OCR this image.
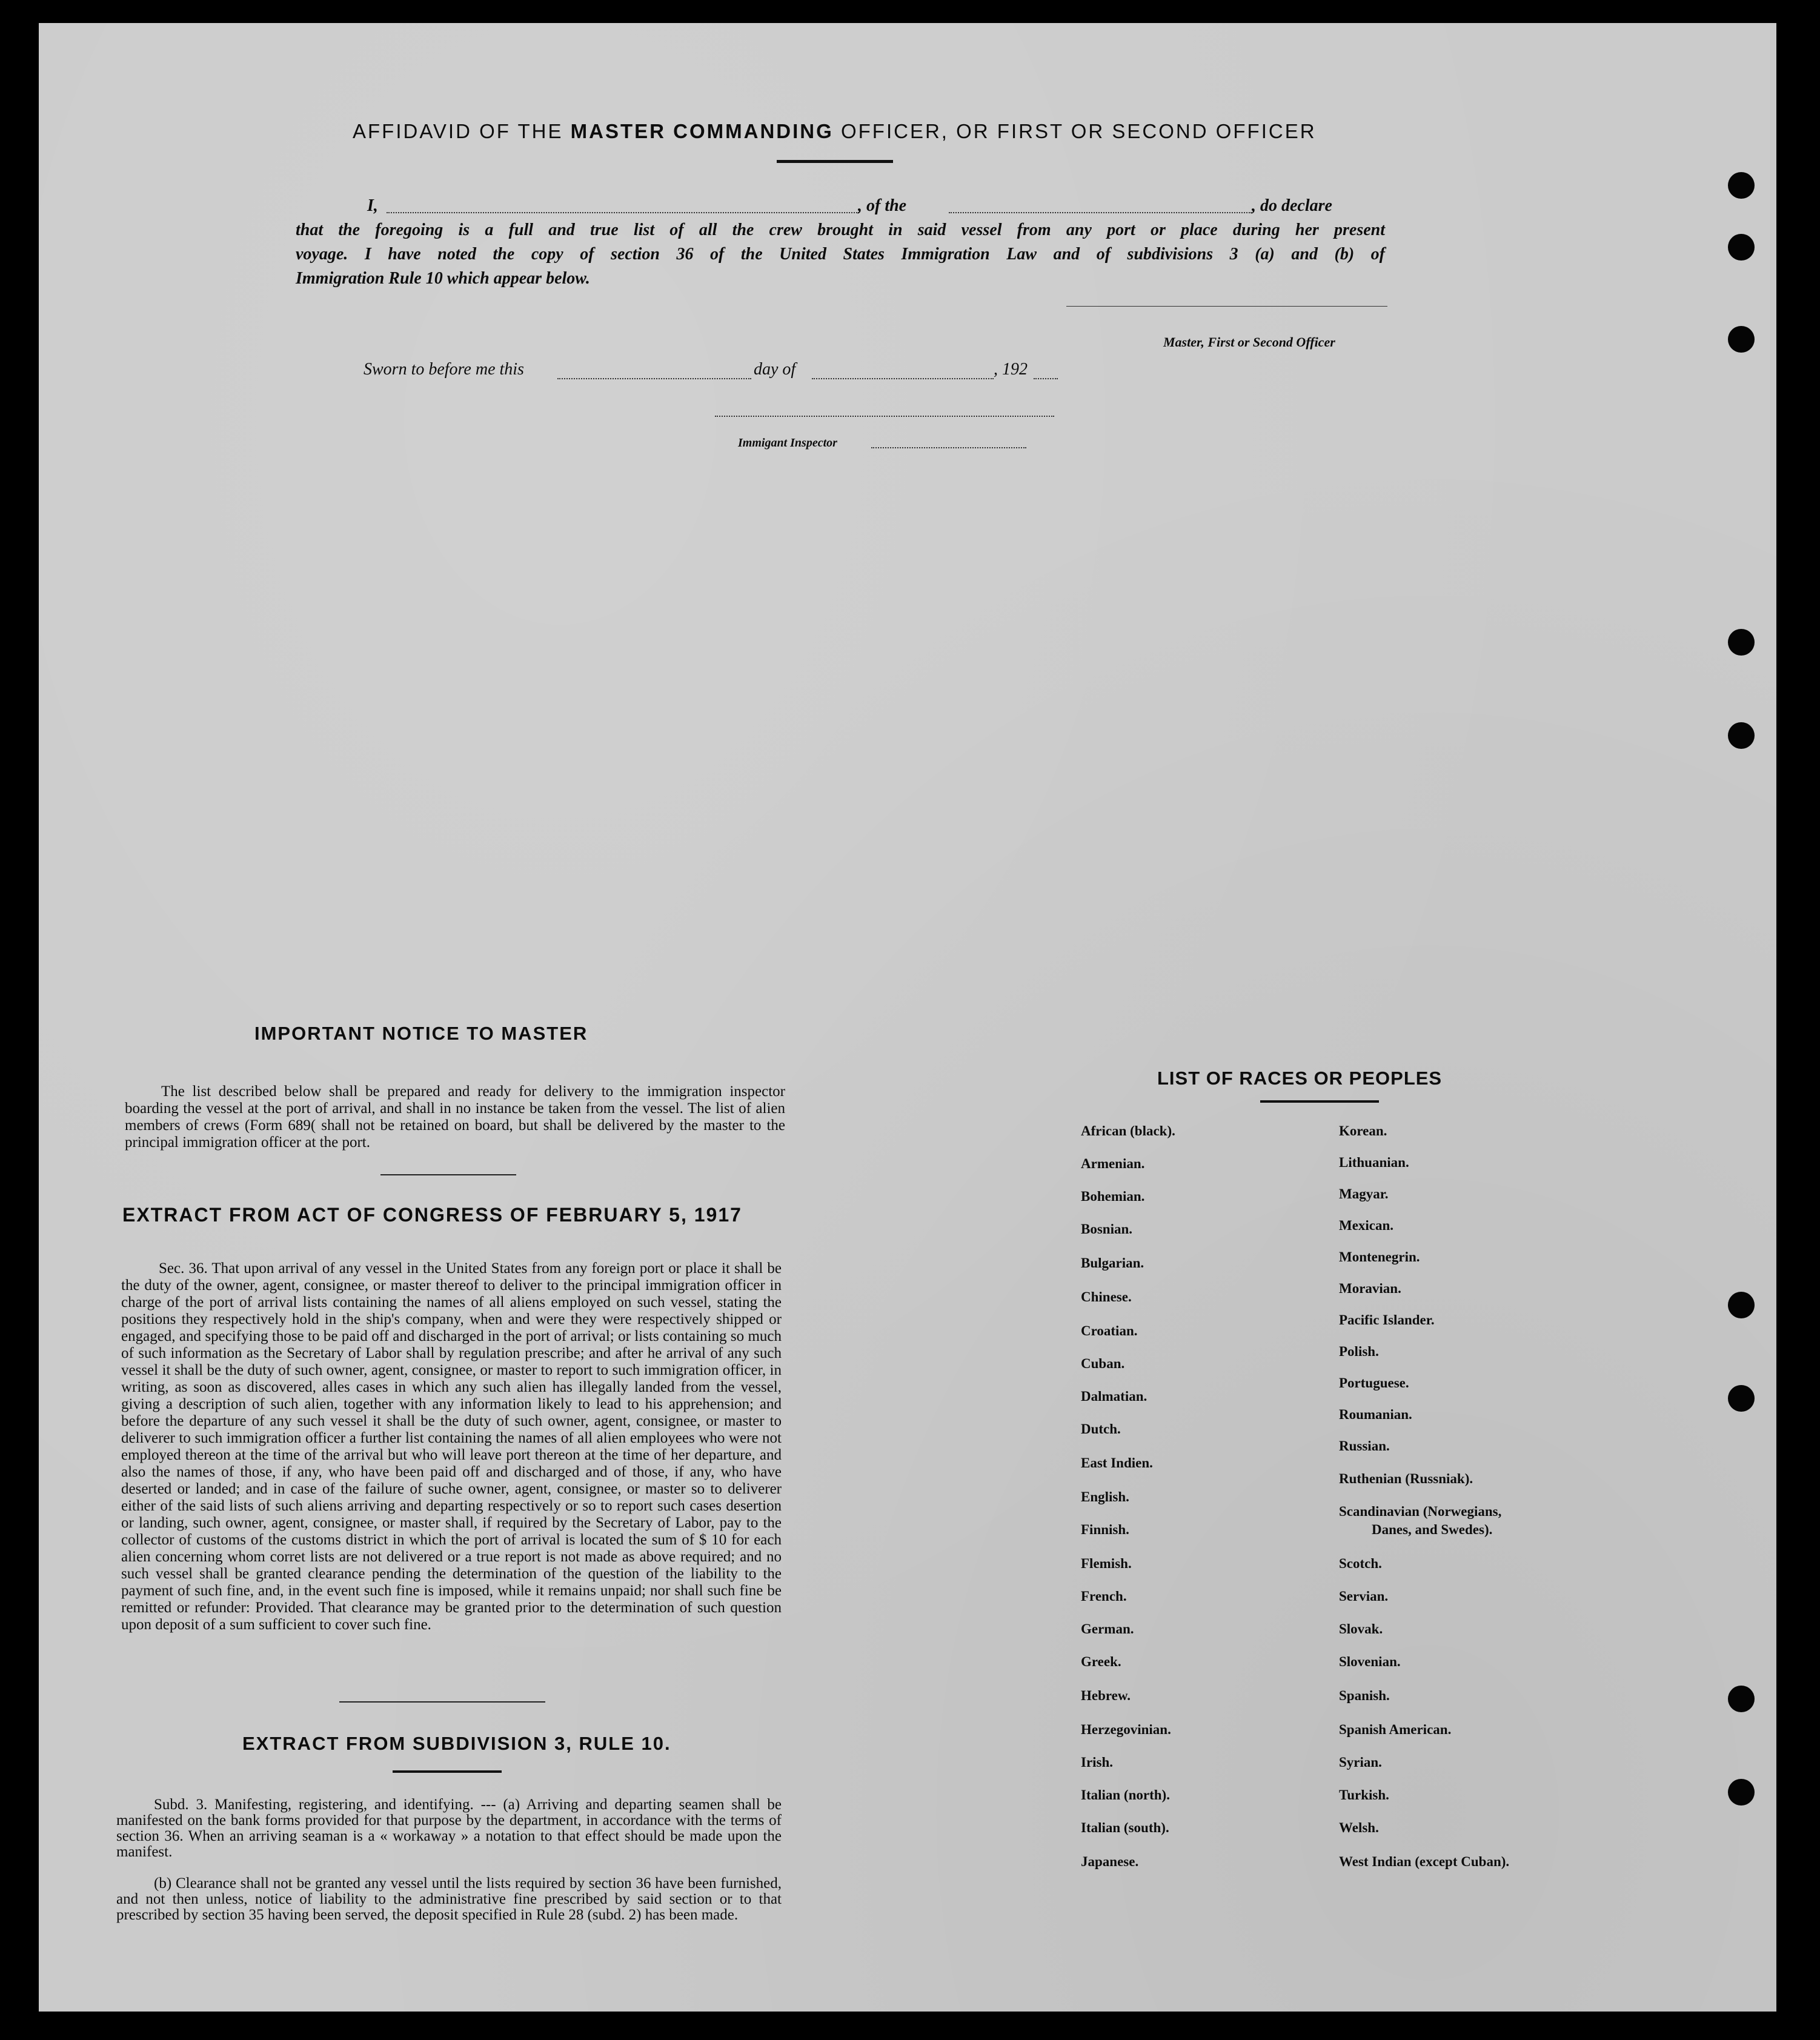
AFFIDAVID OF THE MASTER COMMANDING OFFICER, OR FIRST OR SECOND OFFICER
I,	, of the	, do declare
that the foregoing is a full and true list of all the crew brought in said vessel from any port or place during her present
voyage. I have noted the copy of section 36 of the United States Immigration Law and of subdivisions 3 (a) and (b) of
Immigration Rule 10 which appear below.
Master, First or Second Officer
Sworn to before me this	day of	, 192
Immigant Inspector
IMPORTANT NOTICE TO MASTER
The list described below shall be prepared and ready for delivery to the immigration inspector boarding the vessel at the port of arrival, and shall in no instance be taken from the vessel. The list of alien members of crews (Form 689( shall not be retained on board, but shall be delivered by the master to the principal immigration officer at the port.
EXTRACT FROM ACT OF CONGRESS OF FEBRUARY 5, 1917
Sec. 36. That upon arrival of any vessel in the United States from any foreign port or place it shall be the duty of the owner, agent, consignee, or master thereof to deliver to the principal immigration officer in charge of the port of arrival lists containing the names of all aliens employed on such vessel, stating the positions they respectively hold in the ship's company, when and were they were respectively shipped or engaged, and specifying those to be paid off and discharged in the port of arrival; or lists containing so much of such information as the Secretary of Labor shall by regulation prescribe; and after he arrival of any such vessel it shall be the duty of such owner, agent, consignee, or master to report to such immigration officer, in writing, as soon as discovered, alles cases in which any such alien has illegally landed from the vessel, giving a description of such alien, together with any information likely to lead to his apprehension; and before the departure of any such vessel it shall be the duty of such owner, agent, consignee, or master to deliverer to such immigration officer a further list containing the names of all alien employees who were not employed thereon at the time of the arrival but who will leave port thereon at the time of her departure, and also the names of those, if any, who have been paid off and discharged and of those, if any, who have deserted or landed; and in case of the failure of suche owner, agent, consignee, or master so to deliverer either of the said lists of such aliens arriving and departing respectively or so to report such cases desertion or landing, such owner, agent, consignee, or master shall, if required by the Secretary of Labor, pay to the collector of customs of the customs district in which the port of arrival is located the sum of $ 10 for each alien concerning whom corret lists are not delivered or a true report is not made as above required; and no such vessel shall be granted clearance pending the determination of the question of the liability to the payment of such fine, and, in the event such fine is imposed, while it remains unpaid; nor shall such fine be remitted or refunder: Provided. That clearance may be granted prior to the determination of such question upon deposit of a sum sufficient to cover such fine.
EXTRACT FROM SUBDIVISION 3, RULE 10.
Subd. 3. Manifesting, registering, and identifying. --- (a) Arriving and departing seamen shall be manifested on the bank forms provided for that purpose by the department, in accordance with the terms of section 36. When an arriving seaman is a « workaway » a notation to that effect should be made upon the manifest.
(b) Clearance shall not be granted any vessel until the lists required by section 36 have been furnished, and not then unless, notice of liability to the administrative fine prescribed by said section or to that prescribed by section 35 having been served, the deposit specified in Rule 28 (subd. 2) has been made.
LIST OF RACES OR PEOPLES
African (black).
Armenian.
Bohemian.
Bosnian.
Bulgarian.
Chinese.
Croatian.
Cuban.
Dalmatian.
Dutch.
East Indien.
English.
Finnish.
Flemish.
French.
German.
Greek.
Hebrew.
Herzegovinian.
Irish.
Italian (north).
Italian (south).
Japanese.
Korean.
Lithuanian.
Magyar.
Mexican.
Montenegrin.
Moravian.
Pacific Islander.
Polish.
Portuguese.
Roumanian.
Russian.
Ruthenian (Russniak).
Scandinavian (Norwegians,
Danes, and Swedes).
Scotch.
Servian.
Slovak.
Slovenian.
Spanish.
Spanish American.
Syrian.
Turkish.
Welsh.
West Indian (except Cuban).
